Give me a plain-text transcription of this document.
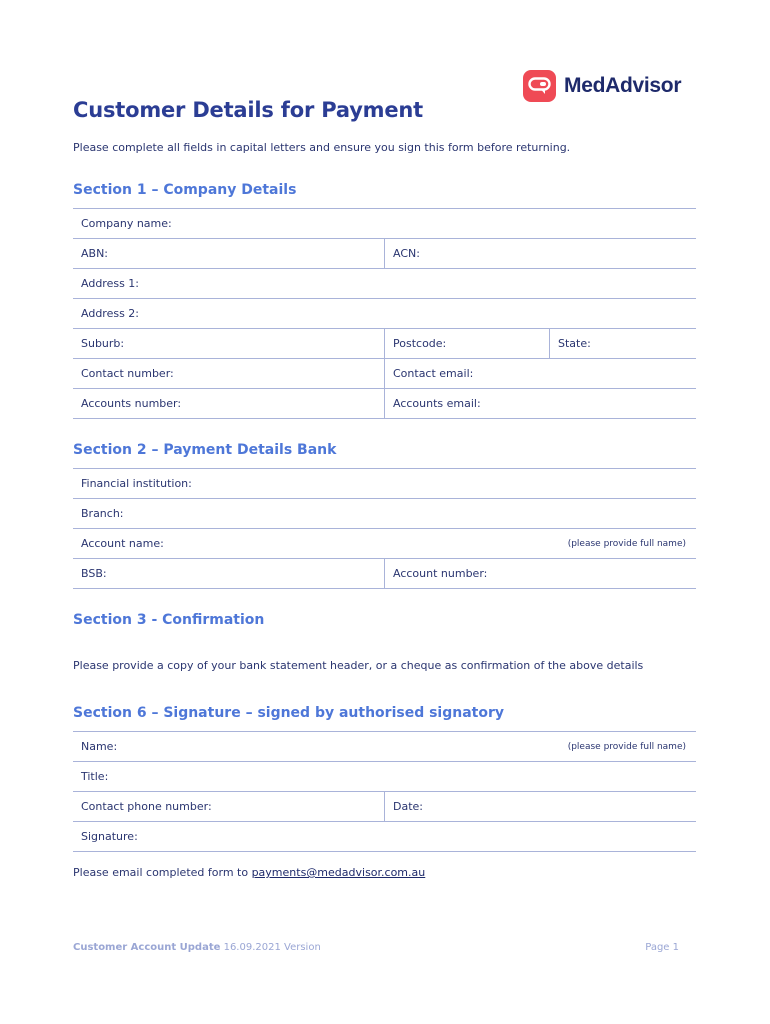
MedAdvisor
Customer Details for Payment
Please complete all fields in capital letters and ensure you sign this form before returning.
Section 1 – Company Details
Company name:
ABN:	ACN:
Address 1:
Address 2:
Suburb:	Postcode:	State:
Contact number:	Contact email:
Accounts number:	Accounts email:
Section 2 – Payment Details Bank
Financial institution:
Branch:
Account name:	(please provide full name)
BSB:	Account number:
Section 3 - Confirmation
Please provide a copy of your bank statement header, or a cheque as confirmation of the above details
Section 6 – Signature – signed by authorised signatory
Name:	(please provide full name)
Title:
Contact phone number:	Date:
Signature:
Please email completed form to payments@medadvisor.com.au
Customer Account Update 16.09.2021 Version	Page 1
